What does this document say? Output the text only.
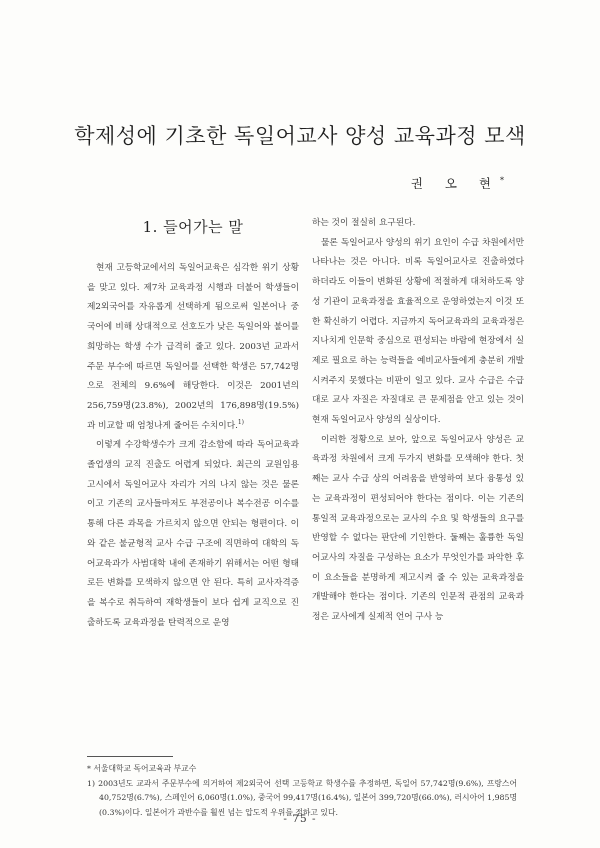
학제성에 기초한 독일어교사 양성 교육과정 모색
권 오 현*
1. 들어가는 말

현재 고등학교에서의 독일어교육은 심각한 위기 상황을 맞고 있다. 제7차 교육과정 시행과 더불어 학생들이 제2외국어를 자유롭게 선택하게 됨으로써 일본어나 중국어에 비해 상대적으로 선호도가 낮은 독일어와 불어를 희망하는 학생 수가 급격히 줄고 있다. 2003년 교과서 주문 부수에 따르면 독일어를 선택한 학생은 57,742명으로 전체의 9.6%에 해당한다. 이것은 2001년의 256,759명(23.8%), 2002년의 176,898명(19.5%)과 비교할 때 엄청나게 줄어든 수치이다.$^{1)}$

이렇게 수강학생수가 크게 감소함에 따라 독어교육과 졸업생의 교직 진출도 어렵게 되었다. 최근의 교원임용고시에서 독일어교사 자리가 거의 나지 않는 것은 물론이고 기존의 교사들마저도 부전공이나 복수전공 이수를 통해 다른 과목을 가르치지 않으면 안되는 형편이다. 이와 같은 불균형적 교사 수급 구조에 직면하여 대학의 독어교육과가 사범대학 내에 존재하기 위해서는 어떤 형태로든 변화를 모색하지 않으면 안 된다. 특히 교사자격증을 복수로 취득하여 재학생들이 보다 쉽게 교직으로 진출하도록 교육과정을 탄력적으로 운영

하는 것이 절실히 요구된다.

물론 독일어교사 양성의 위기 요인이 수급 차원에서만 나타나는 것은 아니다. 비록 독일어교사로 진출하였다 하더라도 이들이 변화된 상황에 적절하게 대처하도록 양성 기관이 교육과정을 효율적으로 운영하였는지 이것 또한 확신하기 어렵다. 지금까지 독어교육과의 교육과정은 지나치게 인문학 중심으로 편성되는 바람에 현장에서 실제로 필요로 하는 능력들을 예비교사들에게 충분히 개발시켜주지 못했다는 비판이 일고 있다. 교사 수급은 수급대로 교사 자질은 자질대로 큰 문제점을 안고 있는 것이 현재 독일어교사 양성의 실상이다.

이러한 정황으로 보아, 앞으로 독일어교사 양성은 교육과정 차원에서 크게 두가지 변화를 모색해야 한다. 첫째는 교사 수급 상의 어려움을 반영하여 보다 융통성 있는 교육과정이 편성되어야 한다는 점이다. 이는 기존의 통일적 교육과정으로는 교사의 수요 및 학생들의 요구를 반영할 수 없다는 판단에 기인한다. 둘째는 훌륭한 독일어교사의 자질을 구성하는 요소가 무엇인가를 파악한 후 이 요소들을 분명하게 제고시켜 줄 수 있는 교육과정을 개발해야 한다는 점이다. 기존의 인문적 관점의 교육과정은 교사에게 실제적 언어 구사 능

* 서울대학교 독어교육과 부교수

1) 2003년도 교과서 주문부수에 의거하여 제2외국어 선택 고등학교 학생수를 추정하면, 독일어 57,742명(9.6%), 프랑스어 40,752명(6.7%), 스페인어 6,060명(1.0%), 중국어 99,417명(16.4%), 일본어 399,720명(66.0%), 러시아어 1,985명(0.3%)이다. 일본어가 과반수를 훨씬 넘는 압도적 우위를 점하고 있다.

- 75 -
